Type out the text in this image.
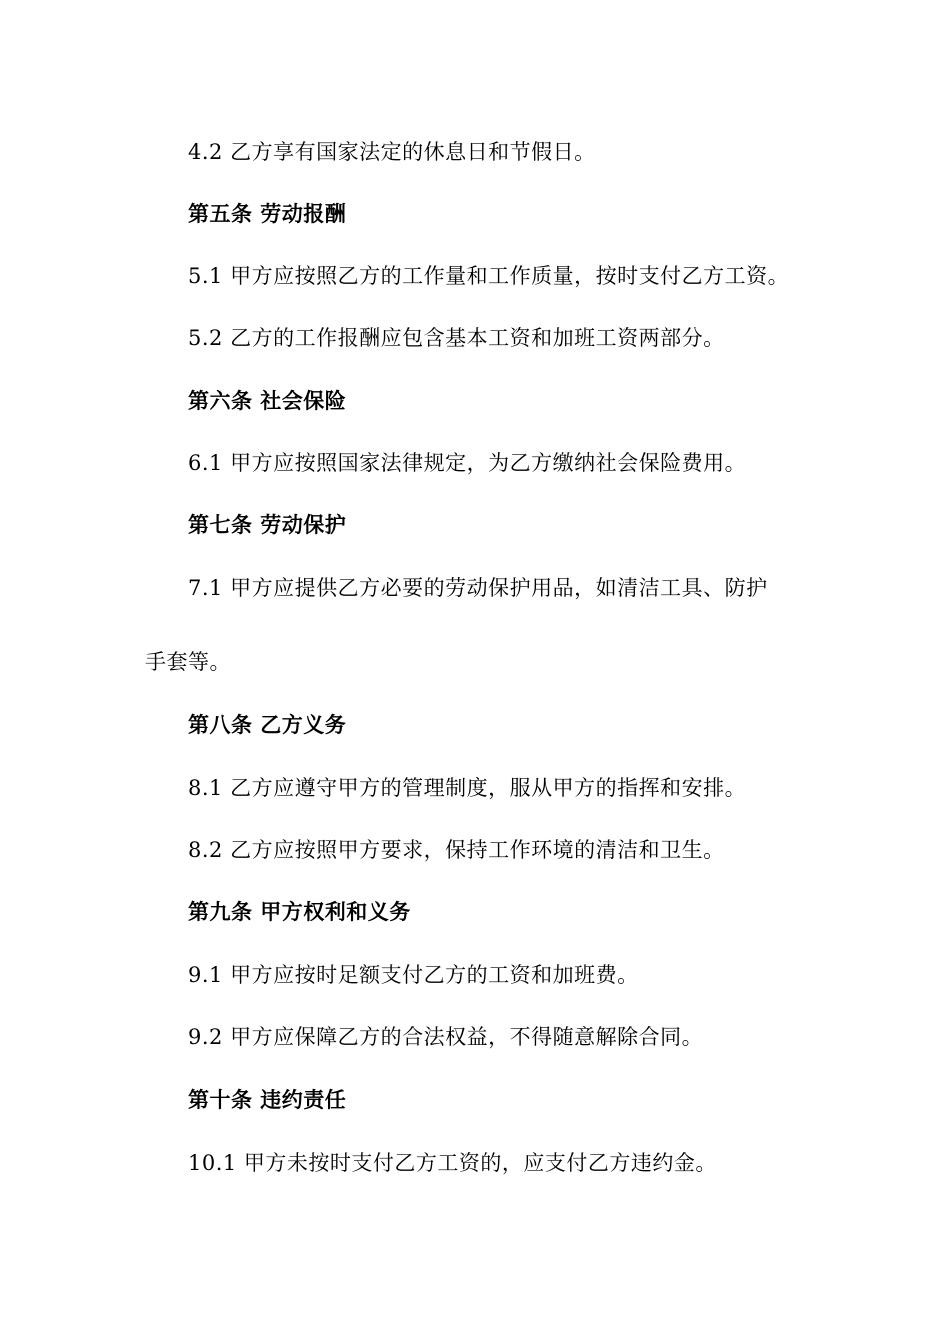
4.2 乙方享有国家法定的休息日和节假日。
第五条 劳动报酬
5.1 甲方应按照乙方的工作量和工作质量，按时支付乙方工资。
5.2 乙方的工作报酬应包含基本工资和加班工资两部分。
第六条 社会保险
6.1 甲方应按照国家法律规定，为乙方缴纳社会保险费用。
第七条 劳动保护
7.1 甲方应提供乙方必要的劳动保护用品，如清洁工具、防护
手套等。
第八条 乙方义务
8.1 乙方应遵守甲方的管理制度，服从甲方的指挥和安排。
8.2 乙方应按照甲方要求，保持工作环境的清洁和卫生。
第九条 甲方权利和义务
9.1 甲方应按时足额支付乙方的工资和加班费。
9.2 甲方应保障乙方的合法权益，不得随意解除合同。
第十条 违约责任
10.1 甲方未按时支付乙方工资的，应支付乙方违约金。
